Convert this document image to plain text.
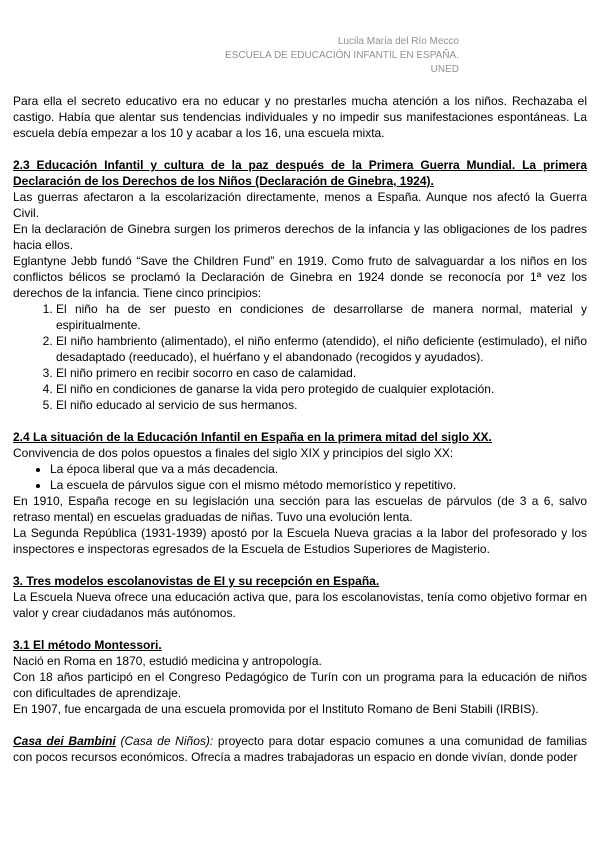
Lucila María del Río Mecco
ESCUELA DE EDUCACIÓN INFANTIL EN ESPAÑA.
UNED

Para ella el secreto educativo era no educar y no prestarles mucha atención a los niños. Rechazaba el castigo. Había que alentar sus tendencias individuales y no impedir sus manifestaciones espontáneas. La escuela debía empezar a los 10 y acabar a los 16, una escuela mixta.

2.3 Educación Infantil y cultura de la paz después de la Primera Guerra Mundial. La primera Declaración de los Derechos de los Niños (Declaración de Ginebra, 1924).

Las guerras afectaron a la escolarización directamente, menos a España. Aunque nos afectó la Guerra Civil.

En la declaración de Ginebra surgen los primeros derechos de la infancia y las obligaciones de los padres hacia ellos.

Eglantyne Jebb fundó “Save the Children Fund” en 1919. Como fruto de salvaguardar a los niños en los conflictos bélicos se proclamó la Declaración de Ginebra en 1924 donde se reconocía por 1ª vez los derechos de la infancia. Tiene cinco principios:

1. El niño ha de ser puesto en condiciones de desarrollarse de manera normal, material y espiritualmente.
2. El niño hambriento (alimentado), el niño enfermo (atendido), el niño deficiente (estimulado), el niño desadaptado (reeducado), el huérfano y el abandonado (recogidos y ayudados).
3. El niño primero en recibir socorro en caso de calamidad.
4. El niño en condiciones de ganarse la vida pero protegido de cualquier explotación.
5. El niño educado al servicio de sus hermanos.
2.4 La situación de la Educación Infantil en España en la primera mitad del siglo XX.

Convivencia de dos polos opuestos a finales del siglo XIX y principios del siglo XX:

• La época liberal que va a más decadencia.
• La escuela de párvulos sigue con el mismo método memorístico y repetitivo.

En 1910, España recoge en su legislación una sección para las escuelas de párvulos (de 3 a 6, salvo retraso mental) en escuelas graduadas de niñas. Tuvo una evolución lenta.

La Segunda República (1931-1939) apostó por la Escuela Nueva gracias a la labor del profesorado y los inspectores e inspectoras egresados de la Escuela de Estudios Superiores de Magisterio.

3. Tres modelos escolanovistas de EI y su recepción en España.

La Escuela Nueva ofrece una educación activa que, para los escolanovistas, tenía como objetivo formar en valor y crear ciudadanos más autónomos.

3.1 El método Montessori.

Nació en Roma en 1870, estudió medicina y antropología.

Con 18 años participó en el Congreso Pedagógico de Turín con un programa para la educación de niños con dificultades de aprendizaje.

En 1907, fue encargada de una escuela promovida por el Instituto Romano de Beni Stabili (IRBIS).

Casa dei Bambini (Casa de Niños): proyecto para dotar espacio comunes a una comunidad de familias con pocos recursos económicos. Ofrecía a madres trabajadoras un espacio en donde vivían, donde poder
